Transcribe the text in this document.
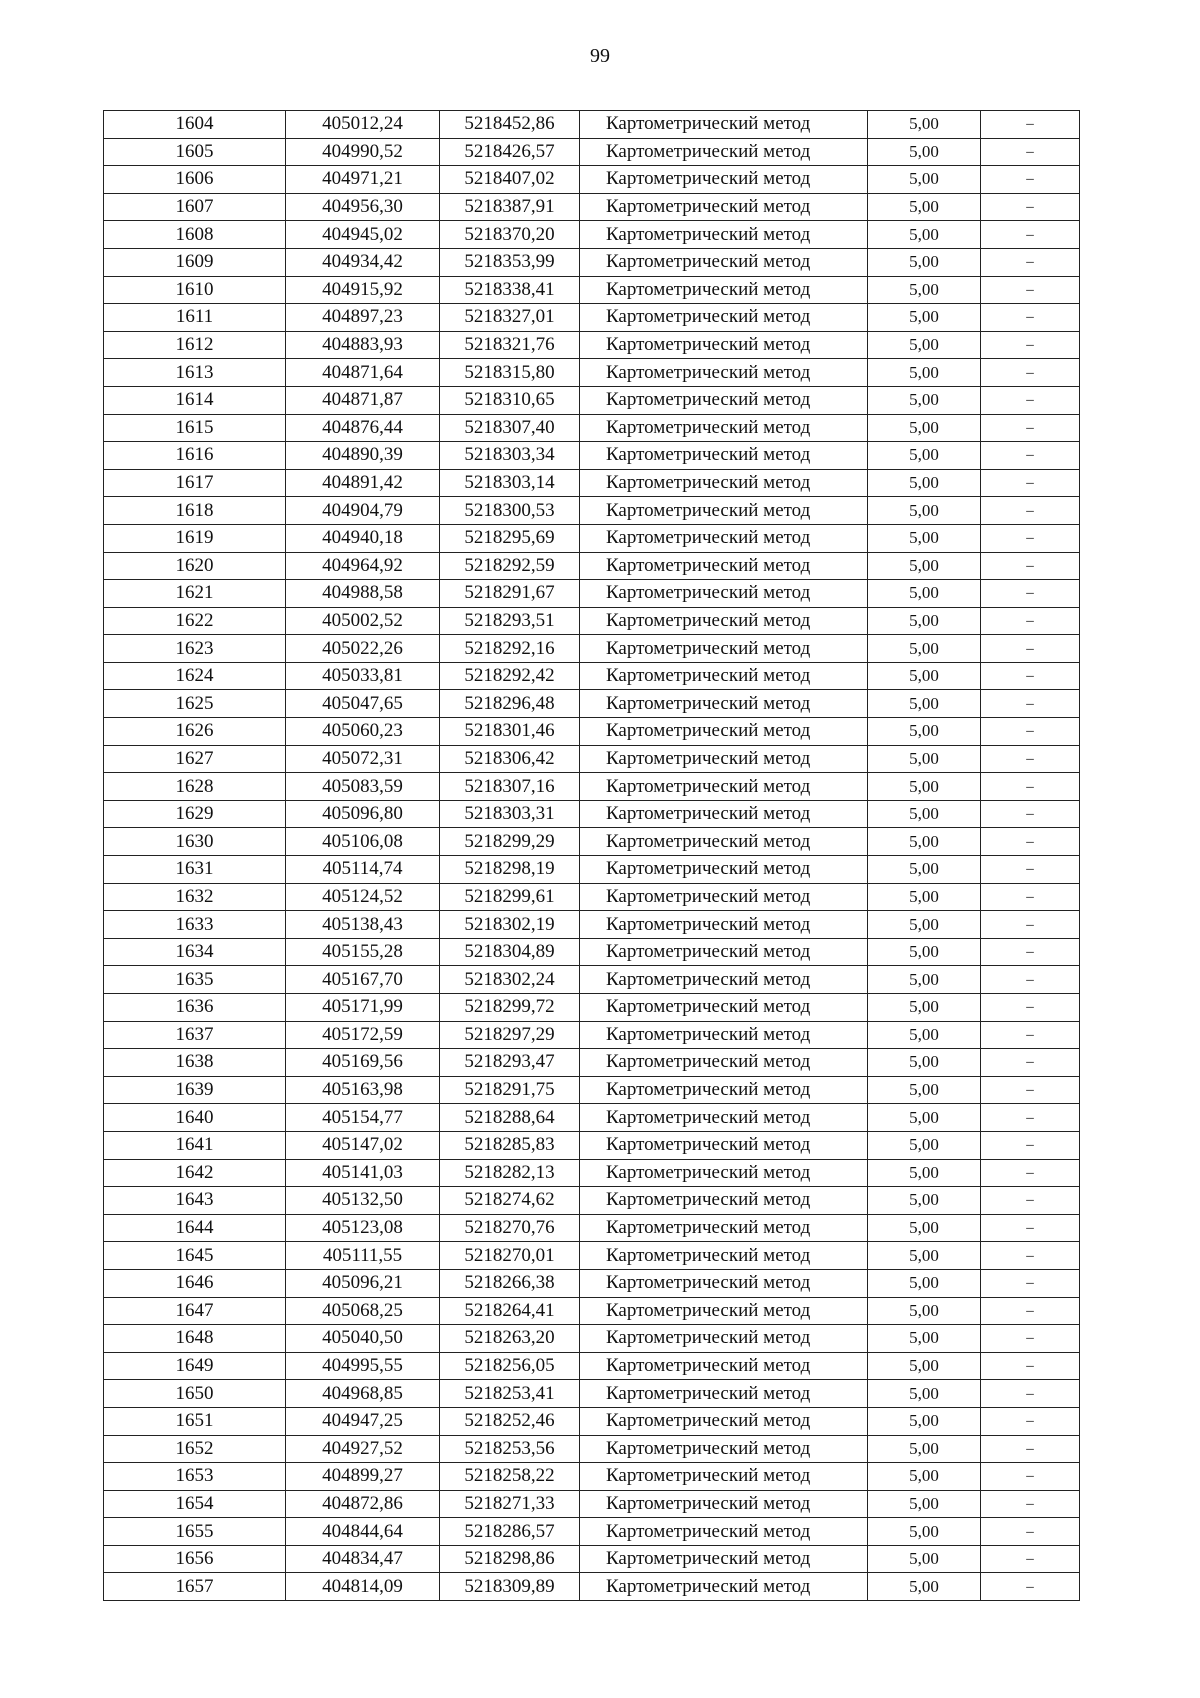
99
1604	405012,24	5218452,86	Картометрический метод	5,00	–
1605	404990,52	5218426,57	Картометрический метод	5,00	–
1606	404971,21	5218407,02	Картометрический метод	5,00	–
1607	404956,30	5218387,91	Картометрический метод	5,00	–
1608	404945,02	5218370,20	Картометрический метод	5,00	–
1609	404934,42	5218353,99	Картометрический метод	5,00	–
1610	404915,92	5218338,41	Картометрический метод	5,00	–
1611	404897,23	5218327,01	Картометрический метод	5,00	–
1612	404883,93	5218321,76	Картометрический метод	5,00	–
1613	404871,64	5218315,80	Картометрический метод	5,00	–
1614	404871,87	5218310,65	Картометрический метод	5,00	–
1615	404876,44	5218307,40	Картометрический метод	5,00	–
1616	404890,39	5218303,34	Картометрический метод	5,00	–
1617	404891,42	5218303,14	Картометрический метод	5,00	–
1618	404904,79	5218300,53	Картометрический метод	5,00	–
1619	404940,18	5218295,69	Картометрический метод	5,00	–
1620	404964,92	5218292,59	Картометрический метод	5,00	–
1621	404988,58	5218291,67	Картометрический метод	5,00	–
1622	405002,52	5218293,51	Картометрический метод	5,00	–
1623	405022,26	5218292,16	Картометрический метод	5,00	–
1624	405033,81	5218292,42	Картометрический метод	5,00	–
1625	405047,65	5218296,48	Картометрический метод	5,00	–
1626	405060,23	5218301,46	Картометрический метод	5,00	–
1627	405072,31	5218306,42	Картометрический метод	5,00	–
1628	405083,59	5218307,16	Картометрический метод	5,00	–
1629	405096,80	5218303,31	Картометрический метод	5,00	–
1630	405106,08	5218299,29	Картометрический метод	5,00	–
1631	405114,74	5218298,19	Картометрический метод	5,00	–
1632	405124,52	5218299,61	Картометрический метод	5,00	–
1633	405138,43	5218302,19	Картометрический метод	5,00	–
1634	405155,28	5218304,89	Картометрический метод	5,00	–
1635	405167,70	5218302,24	Картометрический метод	5,00	–
1636	405171,99	5218299,72	Картометрический метод	5,00	–
1637	405172,59	5218297,29	Картометрический метод	5,00	–
1638	405169,56	5218293,47	Картометрический метод	5,00	–
1639	405163,98	5218291,75	Картометрический метод	5,00	–
1640	405154,77	5218288,64	Картометрический метод	5,00	–
1641	405147,02	5218285,83	Картометрический метод	5,00	–
1642	405141,03	5218282,13	Картометрический метод	5,00	–
1643	405132,50	5218274,62	Картометрический метод	5,00	–
1644	405123,08	5218270,76	Картометрический метод	5,00	–
1645	405111,55	5218270,01	Картометрический метод	5,00	–
1646	405096,21	5218266,38	Картометрический метод	5,00	–
1647	405068,25	5218264,41	Картометрический метод	5,00	–
1648	405040,50	5218263,20	Картометрический метод	5,00	–
1649	404995,55	5218256,05	Картометрический метод	5,00	–
1650	404968,85	5218253,41	Картометрический метод	5,00	–
1651	404947,25	5218252,46	Картометрический метод	5,00	–
1652	404927,52	5218253,56	Картометрический метод	5,00	–
1653	404899,27	5218258,22	Картометрический метод	5,00	–
1654	404872,86	5218271,33	Картометрический метод	5,00	–
1655	404844,64	5218286,57	Картометрический метод	5,00	–
1656	404834,47	5218298,86	Картометрический метод	5,00	–
1657	404814,09	5218309,89	Картометрический метод	5,00	–
